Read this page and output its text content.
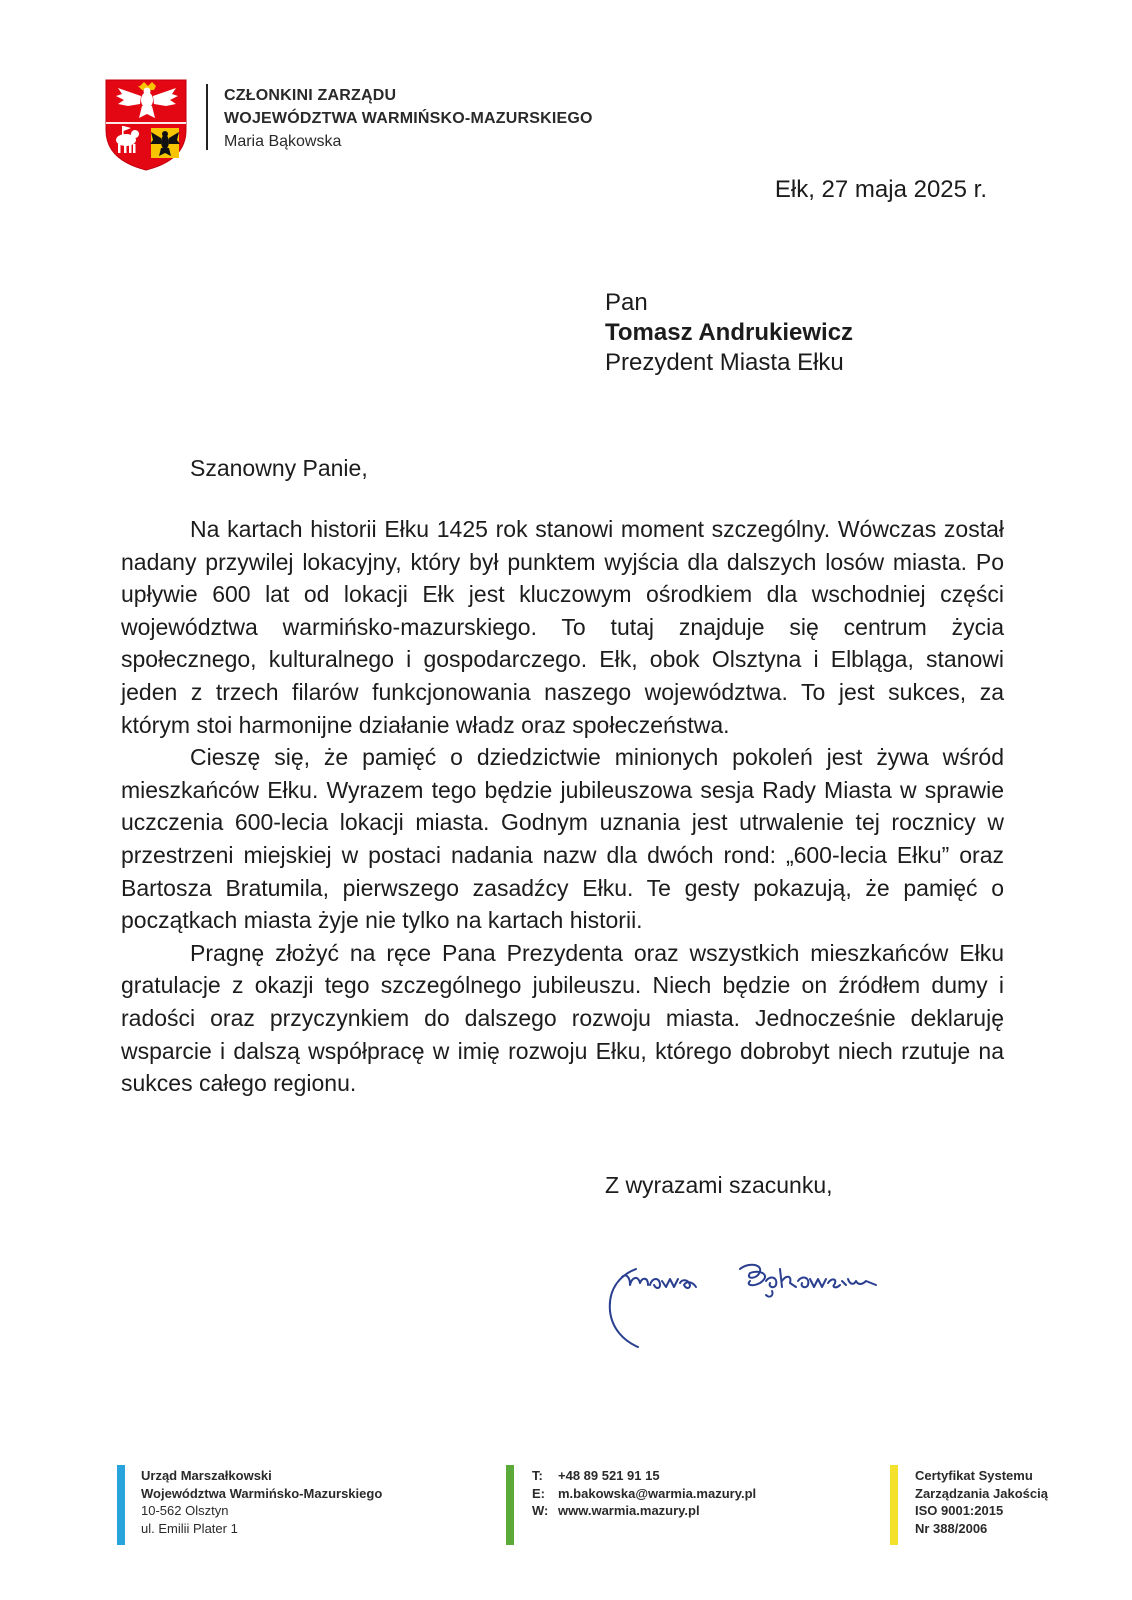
CZŁONKINI ZARZĄDU
WOJEWÓDZTWA WARMIŃSKO-MAZURSKIEGO
Maria Bąkowska
Ełk, 27 maja 2025 r.
Pan
Tomasz Andrukiewicz
Prezydent Miasta Ełku
Szanowny Panie,

Na kartach historii Ełku 1425 rok stanowi moment szczególny. Wówczas został nadany przywilej lokacyjny, który był punktem wyjścia dla dalszych losów miasta. Po upływie 600 lat od lokacji Ełk jest kluczowym ośrodkiem dla wschodniej części województwa warmińsko-mazurskiego. To tutaj znajduje się centrum życia społecznego, kulturalnego i gospodarczego. Ełk, obok Olsztyna i Elbląga, stanowi jeden z trzech filarów funkcjonowania naszego województwa. To jest sukces, za którym stoi harmonijne działanie władz oraz społeczeństwa.

Cieszę się, że pamięć o dziedzictwie minionych pokoleń jest żywa wśród mieszkańców Ełku. Wyrazem tego będzie jubileuszowa sesja Rady Miasta w sprawie uczczenia 600-lecia lokacji miasta. Godnym uznania jest utrwalenie tej rocznicy w przestrzeni miejskiej w postaci nadania nazw dla dwóch rond: „600-lecia Ełku” oraz Bartosza Bratumila, pierwszego zasadźcy Ełku. Te gesty pokazują, że pamięć o początkach miasta żyje nie tylko na kartach historii.

Pragnę złożyć na ręce Pana Prezydenta oraz wszystkich mieszkańców Ełku gratulacje z okazji tego szczególnego jubileuszu. Niech będzie on źródłem dumy i radości oraz przyczynkiem do dalszego rozwoju miasta. Jednocześnie deklaruję wsparcie i dalszą współpracę w imię rozwoju Ełku, którego dobrobyt niech rzutuje na sukces całego regionu.

Z wyrazami szacunku,
Urząd Marszałkowski
Województwa Warmińsko-Mazurskiego
10-562 Olsztyn
ul. Emilii Plater 1
T: +48 89 521 91 15
E: m.bakowska@warmia.mazury.pl
W: www.warmia.mazury.pl
Certyfikat Systemu
Zarządzania Jakością
ISO 9001:2015
Nr 388/2006
